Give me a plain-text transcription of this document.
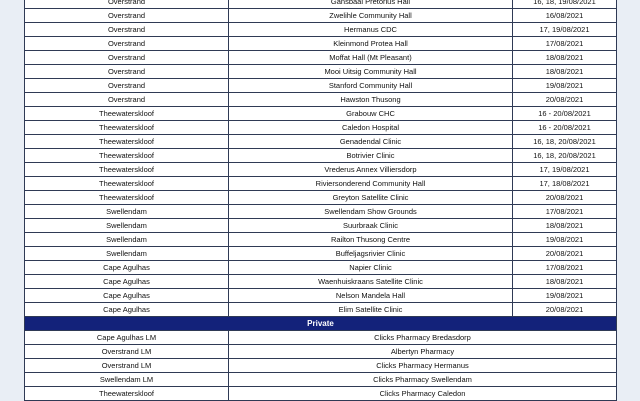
Overstrand	Gansbaai Pretorius Hall	16, 18, 19/08/2021
Overstrand	Zwelihle Community Hall	16/08/2021
Overstrand	Hermanus CDC	17, 19/08/2021
Overstrand	Kleinmond Protea Hall	17/08/2021
Overstrand	Moffat Hall (Mt Pleasant)	18/08/2021
Overstrand	Mooi Uitsig Community Hall	18/08/2021
Overstrand	Stanford Community Hall	19/08/2021
Overstrand	Hawston Thusong	20/08/2021
Theewaterskloof	Grabouw CHC	16 - 20/08/2021
Theewaterskloof	Caledon Hospital	16 - 20/08/2021
Theewaterskloof	Genadendal Clinic	16, 18, 20/08/2021
Theewaterskloof	Botrivier Clinic	16, 18, 20/08/2021
Theewaterskloof	Vrederus Annex Villiersdorp	17, 19/08/2021
Theewaterskloof	Riviersonderend Community Hall	17, 18/08/2021
Theewaterskloof	Greyton Satellite Clinic	20/08/2021
Swellendam	Swellendam Show Grounds	17/08/2021
Swellendam	Suurbraak Clinic	18/08/2021
Swellendam	Railton Thusong Centre	19/08/2021
Swellendam	Buffeljagsrivier Clinic	20/08/2021
Cape Agulhas	Napier Clinic	17/08/2021
Cape Agulhas	Waenhuiskraans Satellite Clinic	18/08/2021
Cape Agulhas	Nelson Mandela Hall	19/08/2021
Cape Agulhas	Elim Satellite Clinic	20/08/2021
Private		
Cape Agulhas LM	Clicks Pharmacy Bredasdorp	
Overstrand LM	Albertyn Pharmacy	
Overstrand LM	Clicks Pharmacy Hermanus	
Swellendam LM	Clicks Pharmacy Swellendam	
Theewaterskloof	Clicks Pharmacy Caledon	
